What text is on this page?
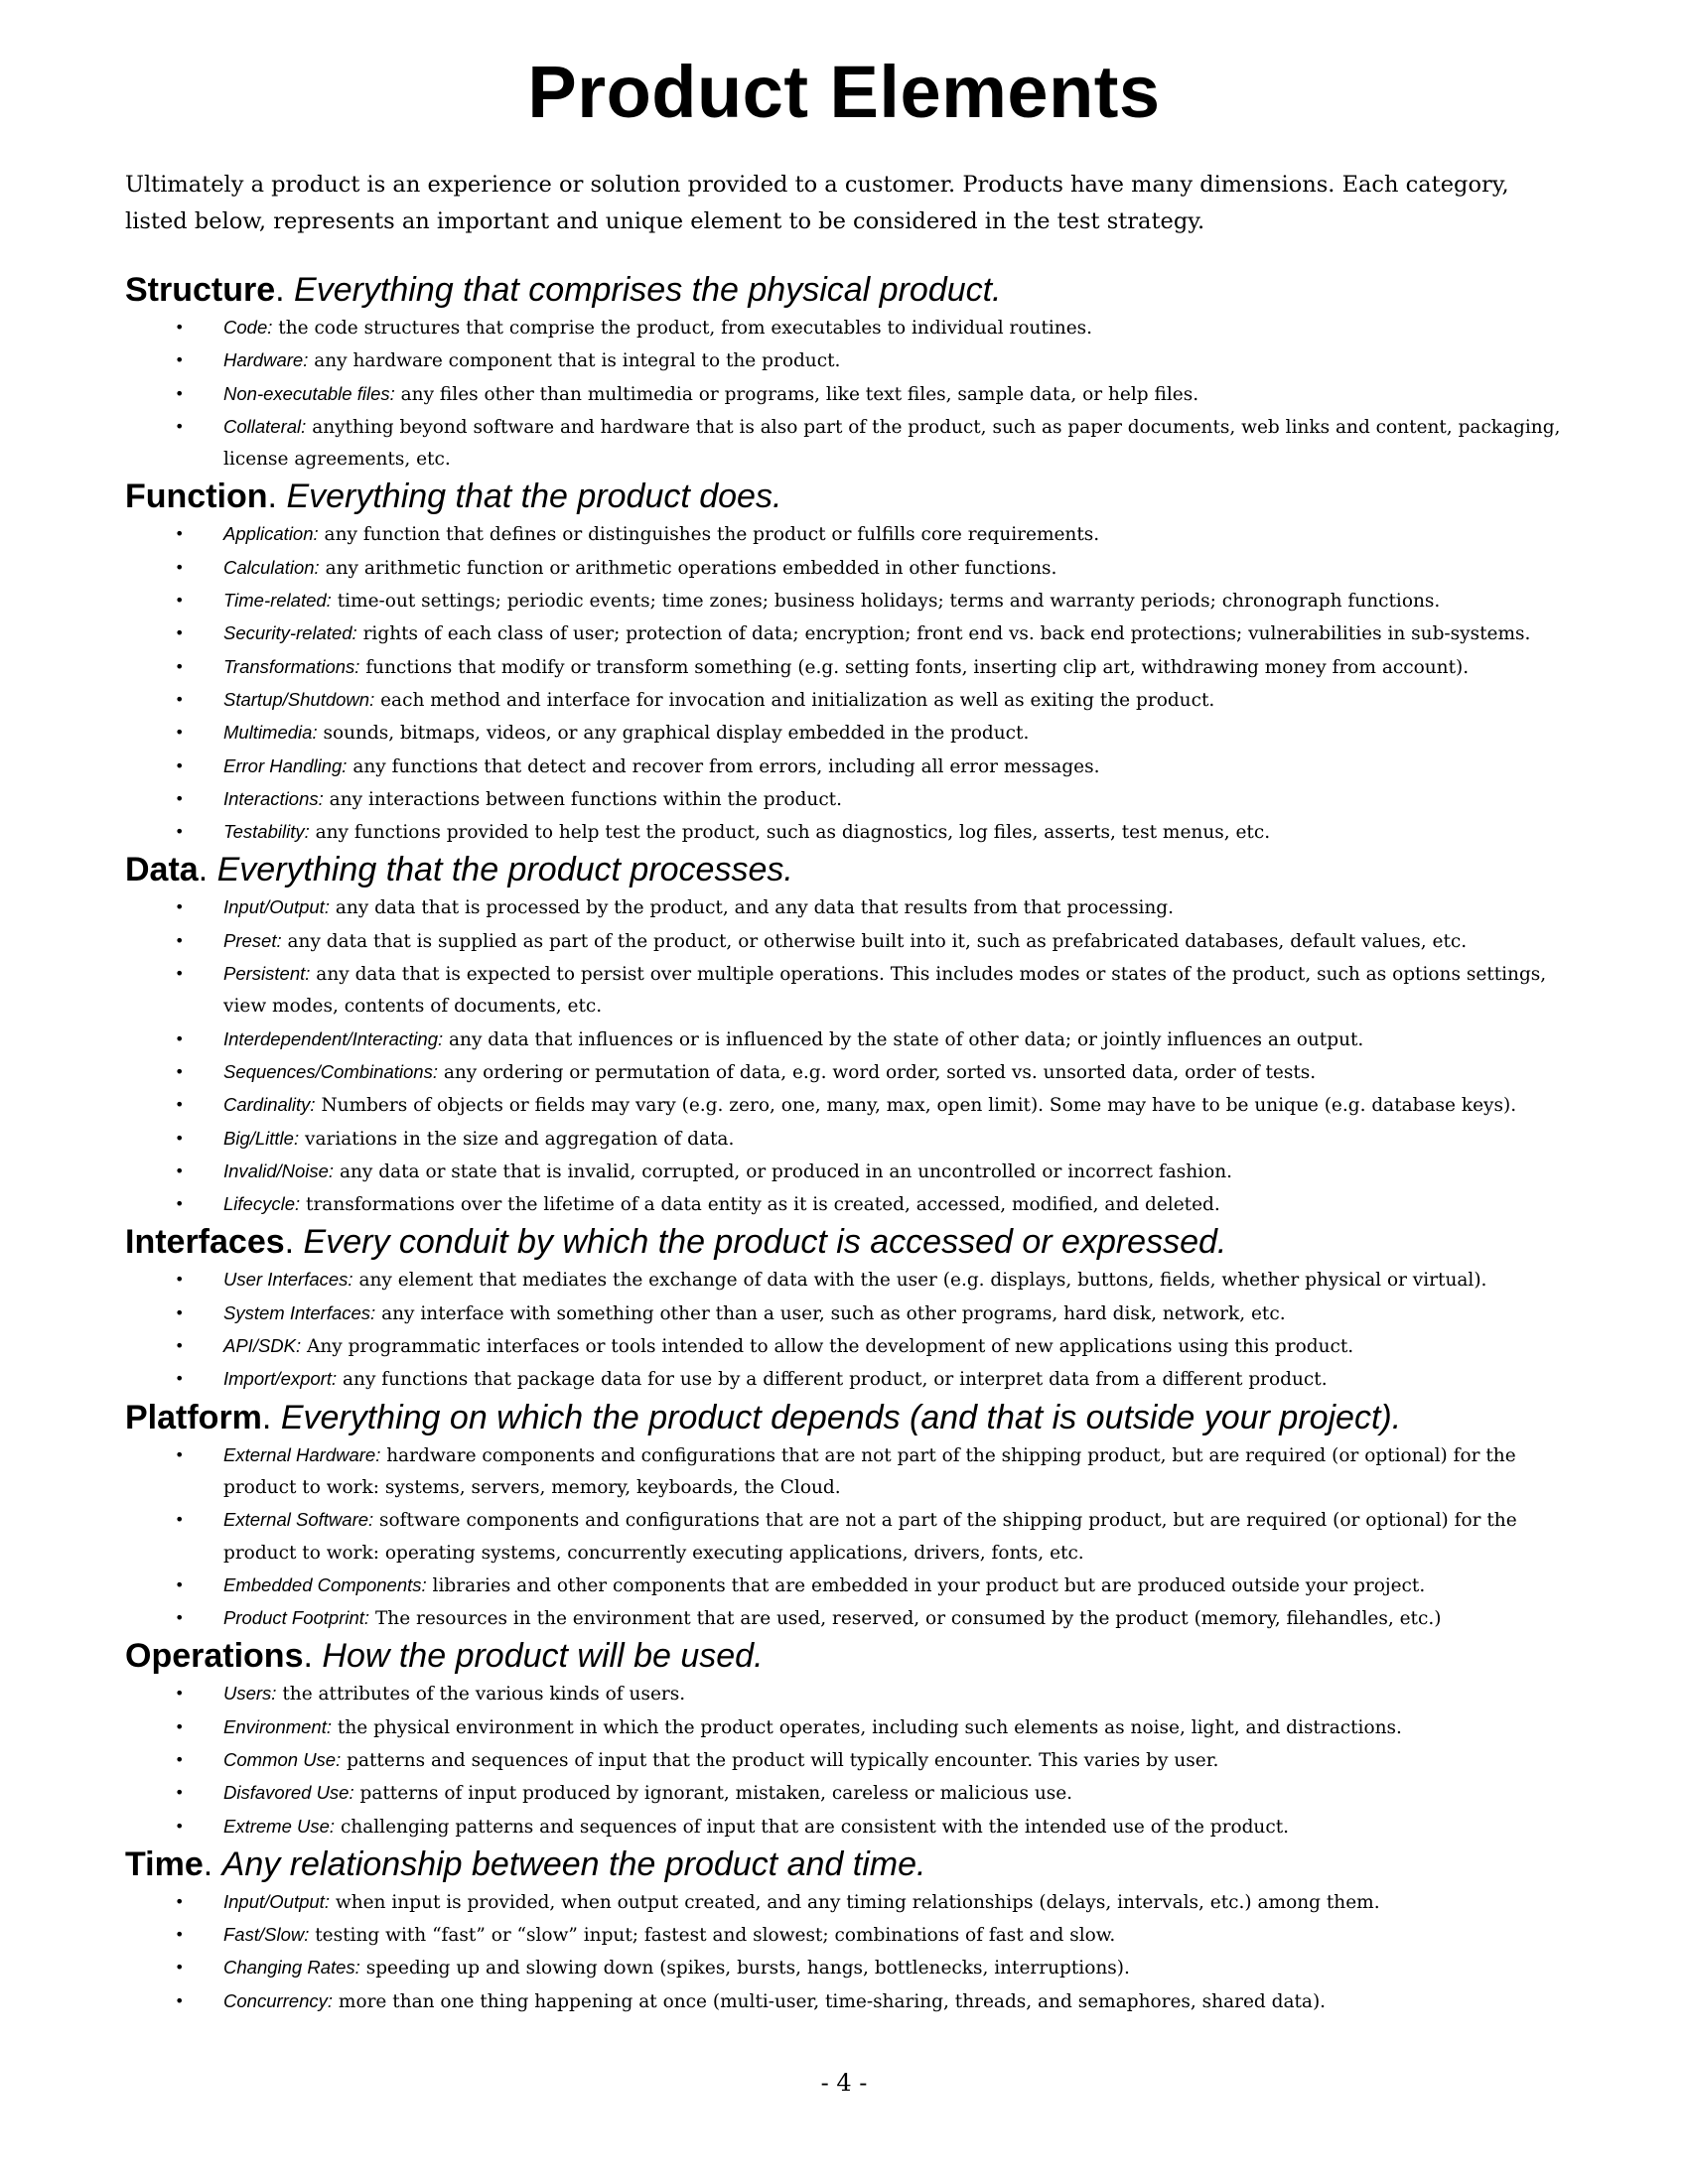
Product Elements

Ultimately a product is an experience or solution provided to a customer. Products have many dimensions. Each category, listed below, represents an important and unique element to be considered in the test strategy.

Structure. Everything that comprises the physical product.
• Code: the code structures that comprise the product, from executables to individual routines.
• Hardware: any hardware component that is integral to the product.
• Non-executable files: any files other than multimedia or programs, like text files, sample data, or help files.
• Collateral: anything beyond software and hardware that is also part of the product, such as paper documents, web links and content, packaging, license agreements, etc.
Function. Everything that the product does.
• Application: any function that defines or distinguishes the product or fulfills core requirements.
• Calculation: any arithmetic function or arithmetic operations embedded in other functions.
• Time-related: time-out settings; periodic events; time zones; business holidays; terms and warranty periods; chronograph functions.
• Security-related: rights of each class of user; protection of data; encryption; front end vs. back end protections; vulnerabilities in sub-systems.
• Transformations: functions that modify or transform something (e.g. setting fonts, inserting clip art, withdrawing money from account).
• Startup/Shutdown: each method and interface for invocation and initialization as well as exiting the product.
• Multimedia: sounds, bitmaps, videos, or any graphical display embedded in the product.
• Error Handling: any functions that detect and recover from errors, including all error messages.
• Interactions: any interactions between functions within the product.
• Testability: any functions provided to help test the product, such as diagnostics, log files, asserts, test menus, etc.
Data. Everything that the product processes.
• Input/Output: any data that is processed by the product, and any data that results from that processing.
• Preset: any data that is supplied as part of the product, or otherwise built into it, such as prefabricated databases, default values, etc.
• Persistent: any data that is expected to persist over multiple operations. This includes modes or states of the product, such as options settings, view modes, contents of documents, etc.
• Interdependent/Interacting: any data that influences or is influenced by the state of other data; or jointly influences an output.
• Sequences/Combinations: any ordering or permutation of data, e.g. word order, sorted vs. unsorted data, order of tests.
• Cardinality: Numbers of objects or fields may vary (e.g. zero, one, many, max, open limit). Some may have to be unique (e.g. database keys).
• Big/Little: variations in the size and aggregation of data.
• Invalid/Noise: any data or state that is invalid, corrupted, or produced in an uncontrolled or incorrect fashion.
• Lifecycle: transformations over the lifetime of a data entity as it is created, accessed, modified, and deleted.
Interfaces. Every conduit by which the product is accessed or expressed.
• User Interfaces: any element that mediates the exchange of data with the user (e.g. displays, buttons, fields, whether physical or virtual).
• System Interfaces: any interface with something other than a user, such as other programs, hard disk, network, etc.
• API/SDK: Any programmatic interfaces or tools intended to allow the development of new applications using this product.
• Import/export: any functions that package data for use by a different product, or interpret data from a different product.
Platform. Everything on which the product depends (and that is outside your project).
• External Hardware: hardware components and configurations that are not part of the shipping product, but are required (or optional) for the product to work: systems, servers, memory, keyboards, the Cloud.
• External Software: software components and configurations that are not a part of the shipping product, but are required (or optional) for the product to work: operating systems, concurrently executing applications, drivers, fonts, etc.
• Embedded Components: libraries and other components that are embedded in your product but are produced outside your project.
• Product Footprint: The resources in the environment that are used, reserved, or consumed by the product (memory, filehandles, etc.)
Operations. How the product will be used.
• Users: the attributes of the various kinds of users.
• Environment: the physical environment in which the product operates, including such elements as noise, light, and distractions.
• Common Use: patterns and sequences of input that the product will typically encounter. This varies by user.
• Disfavored Use: patterns of input produced by ignorant, mistaken, careless or malicious use.
• Extreme Use: challenging patterns and sequences of input that are consistent with the intended use of the product.
Time. Any relationship between the product and time.
• Input/Output: when input is provided, when output created, and any timing relationships (delays, intervals, etc.) among them.
• Fast/Slow: testing with “fast” or “slow” input; fastest and slowest; combinations of fast and slow.
• Changing Rates: speeding up and slowing down (spikes, bursts, hangs, bottlenecks, interruptions).
• Concurrency: more than one thing happening at once (multi-user, time-sharing, threads, and semaphores, shared data).
- 4 -
